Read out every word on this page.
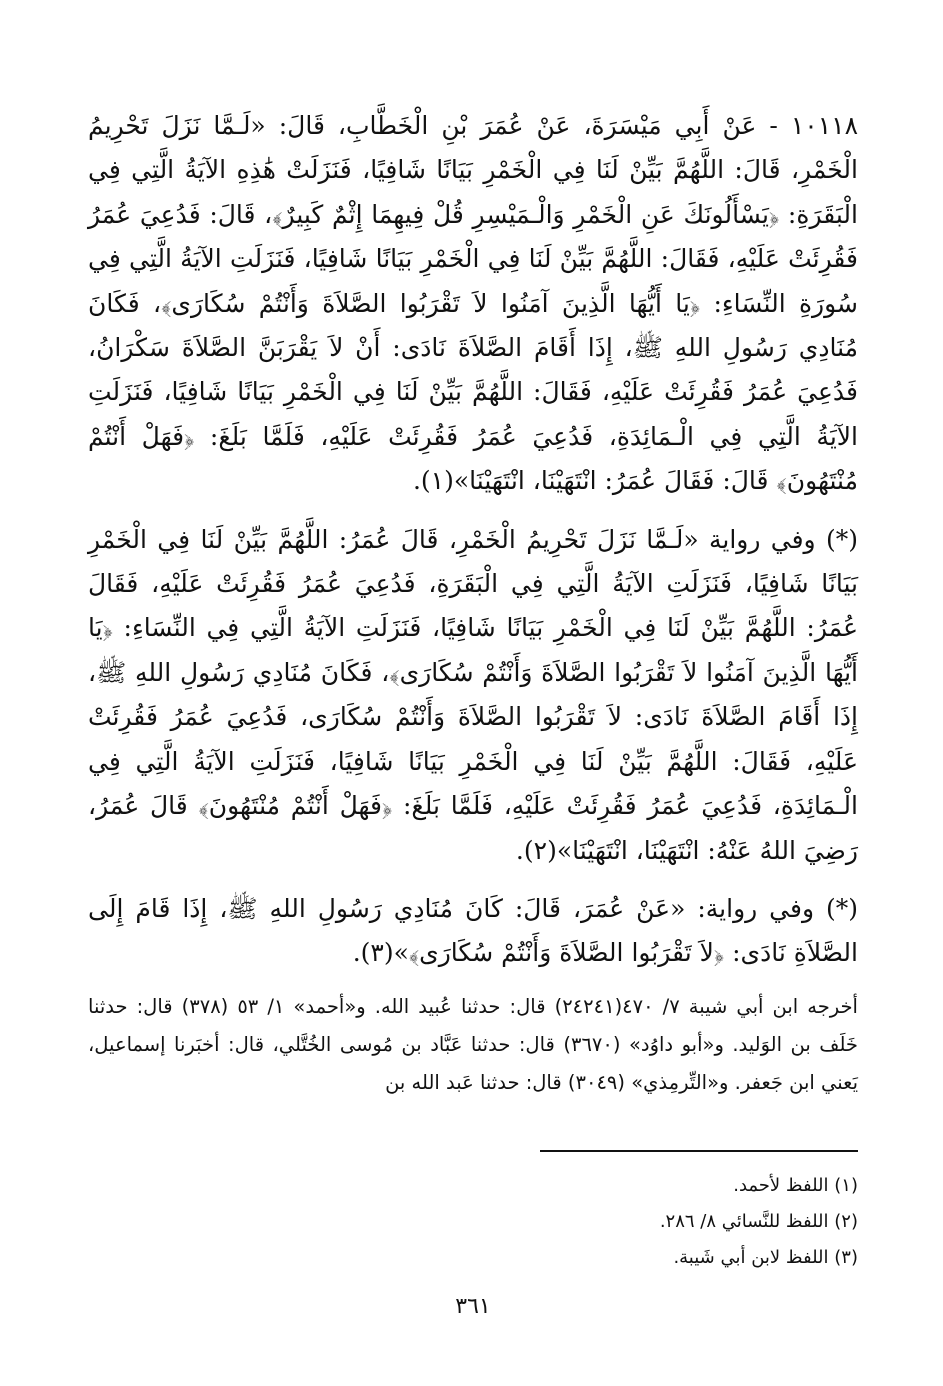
١٠١١٨ - عَنْ أَبِي مَيْسَرَةَ، عَنْ عُمَرَ بْنِ الْخَطَّابِ، قَالَ: «لَـمَّا نَزَلَ تَحْرِيمُ الْخَمْرِ، قَالَ: اللَّهُمَّ بَيِّنْ لَنَا فِي الْخَمْرِ بَيَانًا شَافِيًا، فَنَزَلَتْ هَٰذِهِ الآيَةُ الَّتِي فِي الْبَقَرَةِ: ﴿يَسْأَلُونَكَ عَنِ الْخَمْرِ وَالْـمَيْسِرِ قُلْ فِيهِمَا إِثْمٌ كَبِيرٌ﴾، قَالَ: فَدُعِيَ عُمَرُ فَقُرِئَتْ عَلَيْهِ، فَقَالَ: اللَّهُمَّ بَيِّنْ لَنَا فِي الْخَمْرِ بَيَانًا شَافِيًا، فَنَزَلَتِ الآيَةُ الَّتِي فِي سُورَةِ النِّسَاءِ: ﴿يَا أَيُّهَا الَّذِينَ آمَنُوا لاَ تَقْرَبُوا الصَّلاَةَ وَأَنْتُمْ سُكَارَى﴾، فَكَانَ مُنَادِي رَسُولِ اللهِ ﷺ، إِذَا أَقَامَ الصَّلاَةَ نَادَى: أَنْ لاَ يَقْرَبَنَّ الصَّلاَةَ سَكْرَانُ، فَدُعِيَ عُمَرُ فَقُرِئَتْ عَلَيْهِ، فَقَالَ: اللَّهُمَّ بَيِّنْ لَنَا فِي الْخَمْرِ بَيَانًا شَافِيًا، فَنَزَلَتِ الآيَةُ الَّتِي فِي الْـمَائِدَةِ، فَدُعِيَ عُمَرُ فَقُرِئَتْ عَلَيْهِ، فَلَمَّا بَلَغَ: ﴿فَهَلْ أَنْتُمْ مُنْتَهُونَ﴾ قَالَ: فَقَالَ عُمَرُ: انْتَهَيْنَا، انْتَهَيْنَا»(١).

(*) وفي رواية «لَـمَّا نَزَلَ تَحْرِيمُ الْخَمْرِ، قَالَ عُمَرُ: اللَّهُمَّ بَيِّنْ لَنَا فِي الْخَمْرِ بَيَانًا شَافِيًا، فَنَزَلَتِ الآيَةُ الَّتِي فِي الْبَقَرَةِ، فَدُعِيَ عُمَرُ فَقُرِئَتْ عَلَيْهِ، فَقَالَ عُمَرُ: اللَّهُمَّ بَيِّنْ لَنَا فِي الْخَمْرِ بَيَانًا شَافِيًا، فَنَزَلَتِ الآيَةُ الَّتِي فِي النِّسَاءِ: ﴿يَا أَيُّهَا الَّذِينَ آمَنُوا لاَ تَقْرَبُوا الصَّلاَةَ وَأَنْتُمْ سُكَارَى﴾، فَكَانَ مُنَادِي رَسُولِ اللهِ ﷺ، إِذَا أَقَامَ الصَّلاَةَ نَادَى: لاَ تَقْرَبُوا الصَّلاَةَ وَأَنْتُمْ سُكَارَى، فَدُعِيَ عُمَرُ فَقُرِئَتْ عَلَيْهِ، فَقَالَ: اللَّهُمَّ بَيِّنْ لَنَا فِي الْخَمْرِ بَيَانًا شَافِيًا، فَنَزَلَتِ الآيَةُ الَّتِي فِي الْـمَائِدَةِ، فَدُعِيَ عُمَرُ فَقُرِئَتْ عَلَيْهِ، فَلَمَّا بَلَغَ: ﴿فَهَلْ أَنْتُمْ مُنْتَهُونَ﴾ قَالَ عُمَرُ، رَضِيَ اللهُ عَنْهُ: انْتَهَيْنَا، انْتَهَيْنَا»(٢).

(*) وفي رواية: «عَنْ عُمَرَ، قَالَ: كَانَ مُنَادِي رَسُولِ اللهِ ﷺ، إِذَا قَامَ إِلَى الصَّلاَةِ نَادَى: ﴿لاَ تَقْرَبُوا الصَّلاَةَ وَأَنْتُمْ سُكَارَى﴾»(٣).

أخرجه ابن أبي شيبة ٧/ ٤٧٠(٢٤٢٤١) قال: حدثنا عُبيد الله. و«أحمد» ١/ ٥٣ (٣٧٨) قال: حدثنا خَلَف بن الوَليد. و«أبو داوُد» (٣٦٧٠) قال: حدثنا عَبَّاد بن مُوسى الخُتَّلي، قال: أخبَرنا إسماعيل، يَعني ابن جَعفر. و«التِّرمِذي» (٣٠٤٩) قال: حدثنا عَبد الله بن

(١) اللفظ لأحمد.
(٢) اللفظ للنَّسائي ٨/ ٢٨٦.
(٣) اللفظ لابن أبي شَيبة.
٣٦١
